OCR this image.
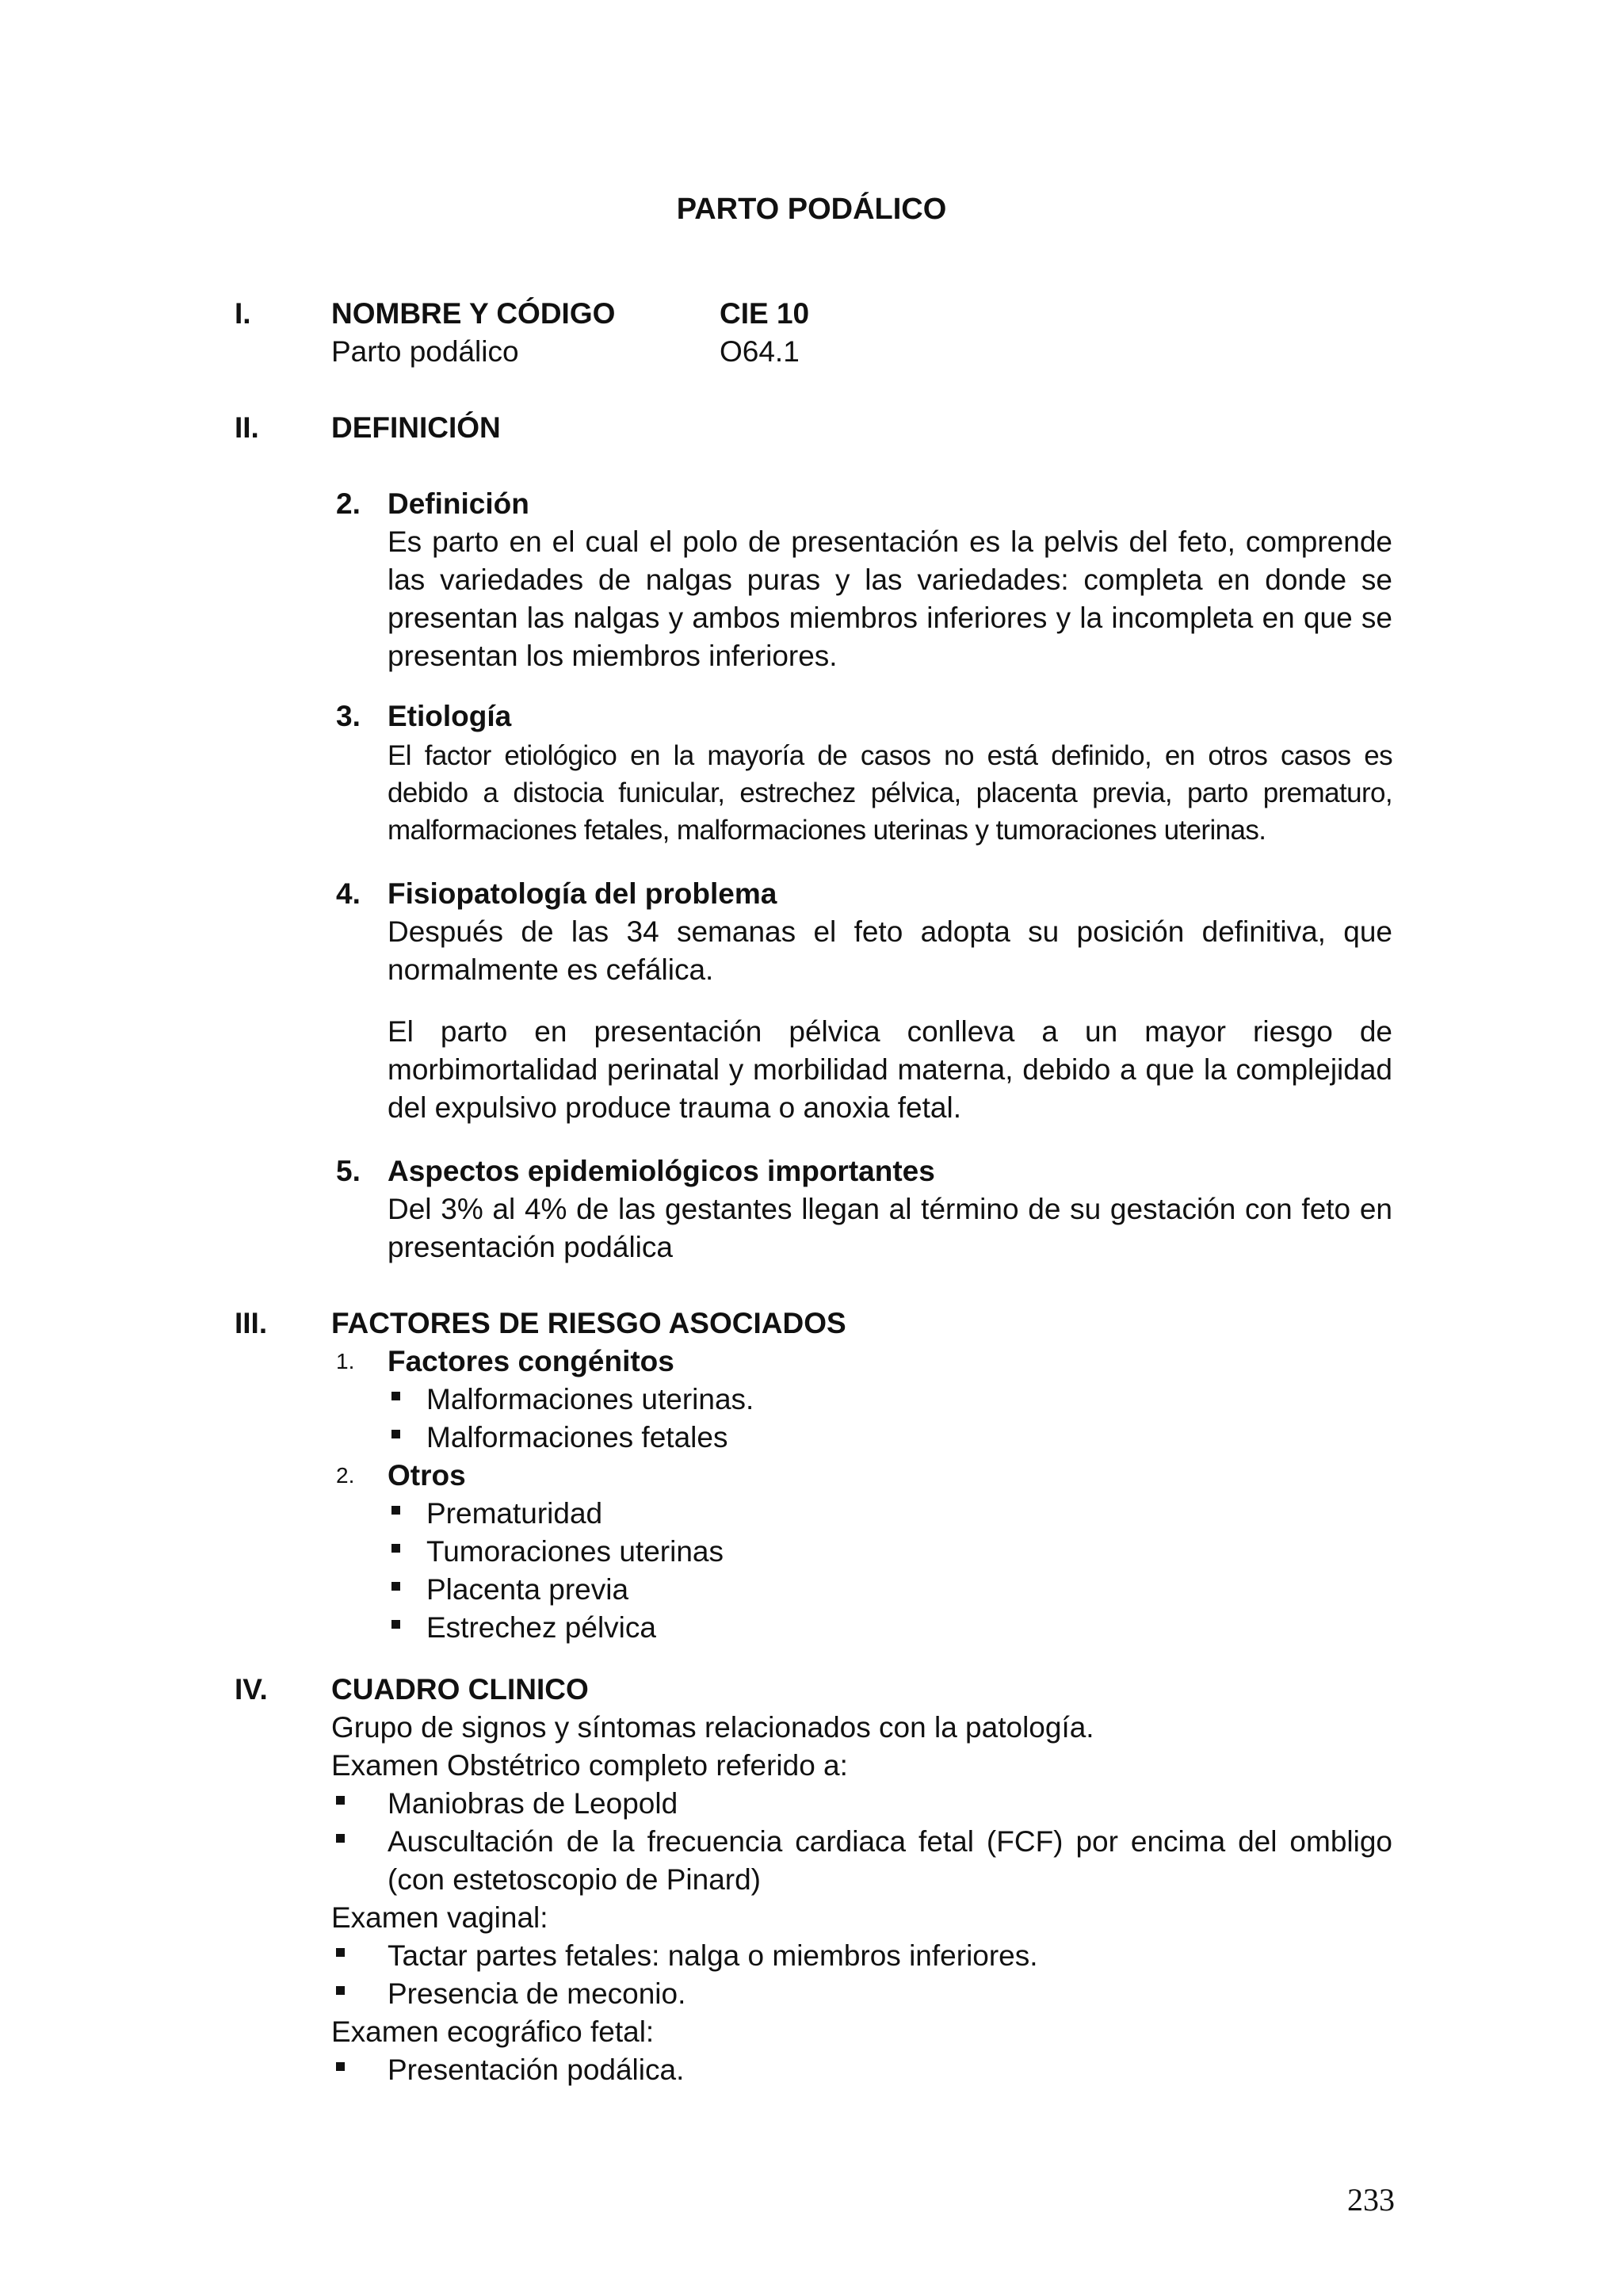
PARTO PODÁLICO
I.	NOMBRE Y CÓDIGO	CIE 10
Parto podálico	O64.1
II. DEFINICIÓN
2. Definición
Es parto en el cual el polo de presentación es la pelvis del feto, comprende las variedades de nalgas puras y las variedades: completa en donde se presentan las nalgas y ambos miembros inferiores y la incompleta en que se presentan los miembros inferiores.
3. Etiología
El factor etiológico en la mayoría de casos no está definido, en otros casos es debido a distocia funicular, estrechez pélvica, placenta previa, parto prematuro, malformaciones fetales, malformaciones uterinas y tumoraciones uterinas.
4. Fisiopatología del problema
Después de las 34 semanas el feto adopta su posición definitiva, que normalmente es cefálica.
El parto en presentación pélvica conlleva a un mayor riesgo de morbimortalidad perinatal y morbilidad materna, debido a que la complejidad del expulsivo produce trauma o anoxia fetal.
5. Aspectos epidemiológicos importantes
Del 3% al 4% de las gestantes llegan al término de su gestación con feto en presentación podálica
III. FACTORES DE RIESGO ASOCIADOS
1. Factores congénitos
Malformaciones uterinas.
Malformaciones fetales
2. Otros
Prematuridad
Tumoraciones uterinas
Placenta previa
Estrechez pélvica
IV. CUADRO CLINICO
Grupo de signos y síntomas relacionados con la patología.
Examen Obstétrico completo referido a:
Maniobras de Leopold
Auscultación de la frecuencia cardiaca fetal (FCF) por encima del ombligo (con estetoscopio de Pinard)
Examen vaginal:
Tactar partes fetales: nalga o miembros inferiores.
Presencia de meconio.
Examen ecográfico fetal:
Presentación podálica.
233
